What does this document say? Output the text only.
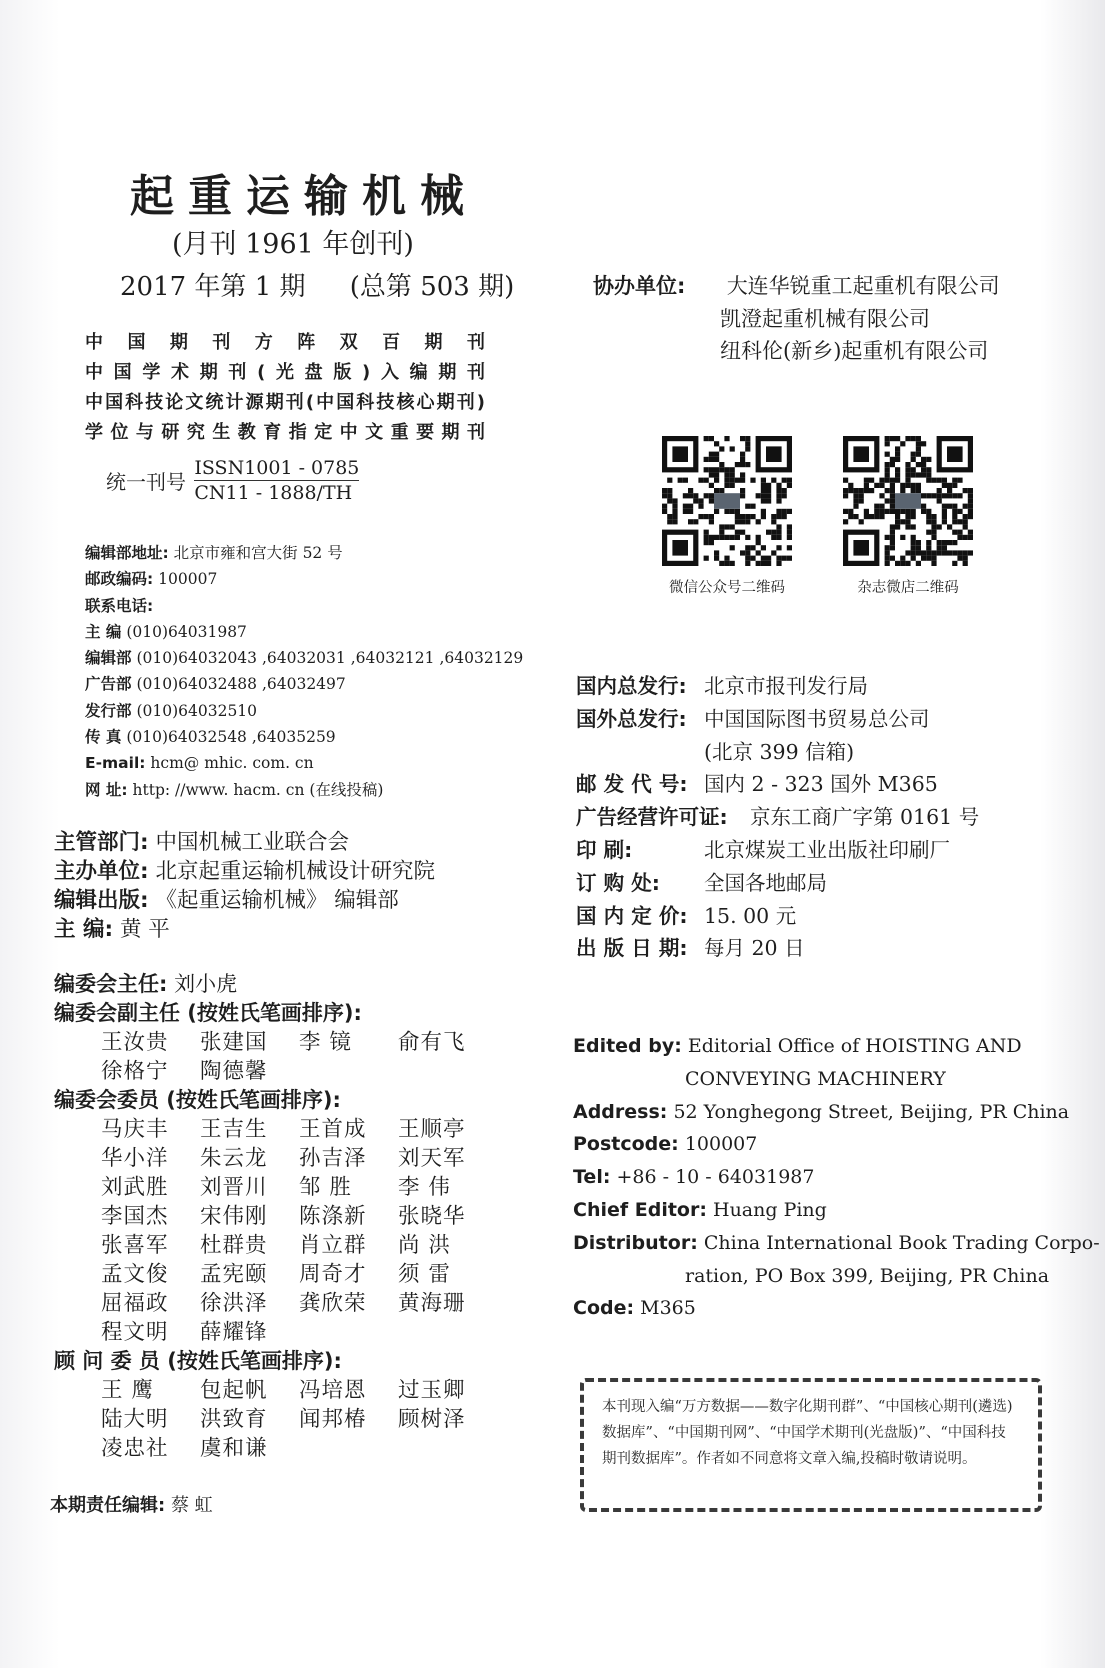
起重运输机械
(月刊 1961 年创刊)
2017 年第 1 期 (总第 503 期)
中 国 期 刊 方 阵 双 百 期 刊
中国学术期刊(光盘版)入编期刊
中国科技论文统计源期刊(中国科技核心期刊)
学位与研究生教育指定中文重要期刊
统一刊号 $\frac{\text{ISSN1001 - 0785}}{CN11 - 1888/TH}$
编辑部地址: 北京市雍和宫大街 52 号
邮政编码: 100007
联系电话:
主 编 (010)64031987
编辑部 (010)64032043 ,64032031 ,64032121 ,64032129
广告部 (010)64032488 ,64032497
发行部 (010)64032510
传 真 (010)64032548 ,64035259
E-mail: hcm@ mhic. com. cn
网 址: http: //www. hacm. cn (在线投稿)
主管部门: 中国机械工业联合会
主办单位: 北京起重运输机械设计研究院
编辑出版: 《起重运输机械》 编辑部
主 编: 黄 平
编委会主任: 刘小虎
编委会副主任 (按姓氏笔画排序):
王汝贵	张建国	李 镜	俞有飞
徐格宁	陶德馨
编委会委员 (按姓氏笔画排序):
马庆丰	王吉生	王首成	王顺亭
华小洋	朱云龙	孙吉泽	刘天军
刘武胜	刘晋川	邹 胜	李 伟
李国杰	宋伟刚	陈涤新	张晓华
张喜军	杜群贵	肖立群	尚 洪
孟文俊	孟宪颐	周奇才	须 雷
屈福政	徐洪泽	龚欣荣	黄海珊
程文明	薛耀锋
顾 问 委 员 (按姓氏笔画排序):
王 鹰	包起帆	冯培恩	过玉卿
陆大明	洪致育	闻邦椿	顾树泽
凌忠社	虞和谦
本期责任编辑: 蔡 虹
协办单位: 大连华锐重工起重机有限公司
凯澄起重机械有限公司
纽科伦(新乡)起重机有限公司
微信公众号二维码	杂志微店二维码
国内总发行: 北京市报刊发行局
国外总发行: 中国国际图书贸易总公司
(北京 399 信箱)
邮 发 代 号: 国内 2 - 323 国外 M365
广告经营许可证: 京东工商广字第 0161 号
印 刷:	北京煤炭工业出版社印刷厂
订 购 处: 全国各地邮局
国 内 定 价: 15. 00 元
出 版 日 期: 每月 20 日
Edited by: Editorial Office of HOISTING AND
CONVEYING MACHINERY
Address: 52 Yonghegong Street, Beijing, PR China
Postcode: 100007
Tel: +86 - 10 - 64031987
Chief Editor: Huang Ping
Distributor: China International Book Trading Corpo-
ration, PO Box 399, Beijing, PR China
Code: M365
本刊现入编“万方数据——数字化期刊群”、“中国核心期刊(遴选)数据库”、“中国期刊网”、“中国学术期刊(光盘版)”、“中国科技期刊数据库”。作者如不同意将文章入编,投稿时敬请说明。
